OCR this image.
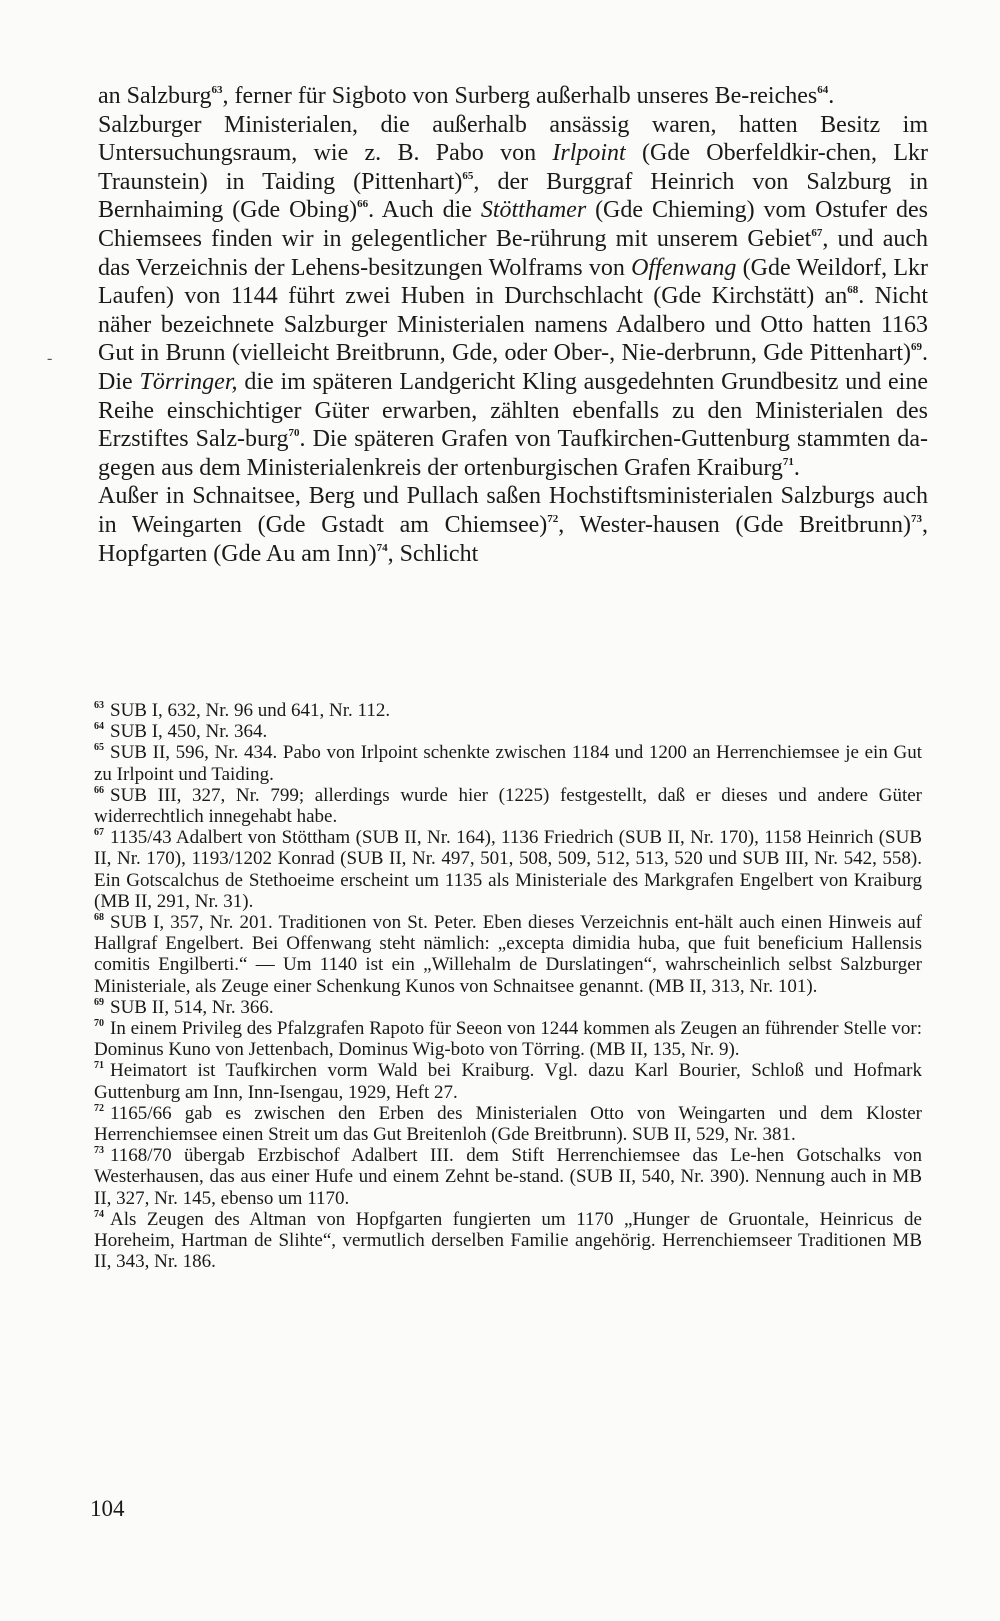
an Salzburg$^{63}$, ferner für Sigboto von Surberg außerhalb unseres Be-reiches$^{64}$.

Salzburger Ministerialen, die außerhalb ansässig waren, hatten Besitz im Untersuchungsraum, wie z. B. Pabo von Irlpoint (Gde Oberfeldkir-chen, Lkr Traunstein) in Taiding (Pittenhart)$^{65}$, der Burggraf Heinrich von Salzburg in Bernhaiming (Gde Obing)$^{66}$. Auch die Stötthamer (Gde Chieming) vom Ostufer des Chiemsees finden wir in gelegentlicher Be-rührung mit unserem Gebiet$^{67}$, und auch das Verzeichnis der Lehens-besitzungen Wolframs von Offenwang (Gde Weildorf, Lkr Laufen) von 1144 führt zwei Huben in Durchschlacht (Gde Kirchstätt) $an^{68}$. Nicht näher bezeichnete Salzburger Ministerialen namens Adalbero und Otto hatten 1163 Gut in Brunn (vielleicht Breitbrunn, Gde, oder Ober-, Nie-derbrunn, Gde Pittenhart)$^{69}$. Die Törringer, die im späteren Landgericht Kling ausgedehnten Grundbesitz und eine Reihe einschichtiger Güter erwarben, zählten ebenfalls zu den Ministerialen des Erzstiftes Salz-burg$^{70}$. Die späteren Grafen von Taufkirchen-Guttenburg stammten da-gegen aus dem Ministerialenkreis der ortenburgischen Grafen Kraiburg$^{71}$.

Außer in Schnaitsee, Berg und Pullach saßen Hochstiftsministerialen Salzburgs auch in Weingarten (Gde Gstadt am Chiemsee)$^{72}$, Wester-hausen (Gde Breitbrunn)$^{73}$, Hopfgarten (Gde Au am Inn)$^{74}$, Schlicht

-

$^{63}$ SUB I, 632, Nr. 96 und 641, Nr. 112.

$^{64}$ SUB I, 450, Nr. 364.

$^{65}$ SUB II, 596, Nr. 434. Pabo von Irlpoint schenkte zwischen 1184 und 1200 an Herrenchiemsee je ein Gut zu Irlpoint und Taiding.

$^{66}$ SUB III, 327, Nr. 799; allerdings wurde hier (1225) festgestellt, daß er dieses und andere Güter widerrechtlich innegehabt habe.

$^{67}$ 1135/43 Adalbert von Stöttham (SUB II, Nr. 164), 1136 Friedrich (SUB II, Nr. 170), 1158 Heinrich (SUB II, Nr. 170), 1193/1202 Konrad (SUB II, Nr. 497, 501, 508, 509, 512, 513, 520 und SUB III, Nr. 542, 558). Ein Gotscalchus de Stethoeime erscheint um 1135 als Ministeriale des Markgrafen Engelbert von Kraiburg (MB II, 291, Nr. 31).

$^{68}$ SUB I, 357, Nr. 201. Traditionen von St. Peter. Eben dieses Verzeichnis ent-hält auch einen Hinweis auf Hallgraf Engelbert. Bei Offenwang steht nämlich: „excepta dimidia huba, que fuit beneficium Hallensis comitis Engilberti.“ — Um 1140 ist ein „Willehalm de Durslatingen“, wahrscheinlich selbst Salzburger Ministeriale, als Zeuge einer Schenkung Kunos von Schnaitsee genannt. (MB II, 313, Nr. 101).

$^{69}$ SUB II, 514, Nr. 366.

$^{70}$ In einem Privileg des Pfalzgrafen Rapoto für Seeon von 1244 kommen als Zeugen an führender Stelle vor: Dominus Kuno von Jettenbach, Dominus Wig-boto von Törring. (MB II, 135, Nr. 9).

$^{71}$ Heimatort ist Taufkirchen vorm Wald bei Kraiburg. Vgl. dazu Karl Bourier, Schloß und Hofmark Guttenburg am Inn, Inn-Isengau, 1929, Heft 27.

$^{72}$ 1165/66 gab es zwischen den Erben des Ministerialen Otto von Weingarten und dem Kloster Herrenchiemsee einen Streit um das Gut Breitenloh (Gde Breitbrunn). SUB II, 529, Nr. 381.

$^{73}$ 1168/70 übergab Erzbischof Adalbert III. dem Stift Herrenchiemsee das Le-hen Gotschalks von Westerhausen, das aus einer Hufe und einem Zehnt be-stand. (SUB II, 540, Nr. 390). Nennung auch in MB II, 327, Nr. 145, ebenso um 1170.

$^{74}$ Als Zeugen des Altman von Hopfgarten fungierten um 1170 „Hunger de Gruontale, Heinricus de Horeheim, Hartman de Slihte“, vermutlich derselben Familie angehörig. Herrenchiemseer Traditionen MB II, 343, Nr. 186.

104
